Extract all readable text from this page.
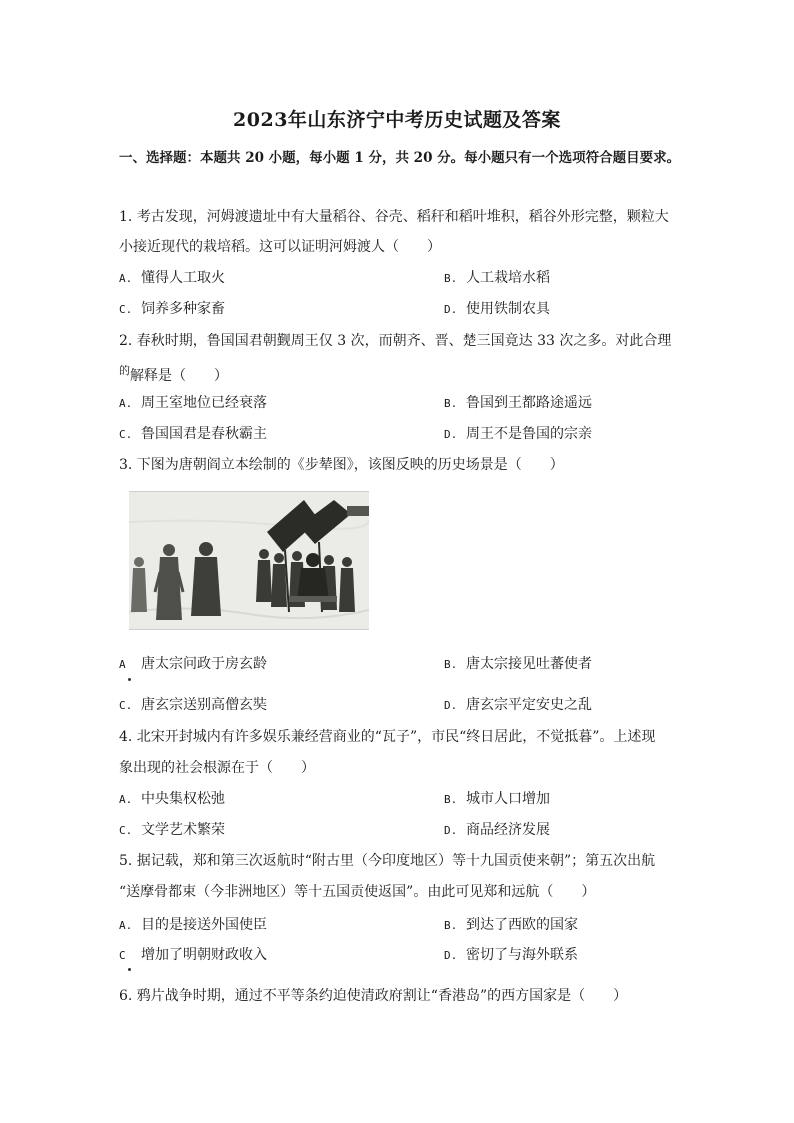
2023年山东济宁中考历史试题及答案
一、选择题：本题共 20 小题，每小题 1 分，共 20 分。每小题只有一个选项符合题目要求。
1. 考古发现，河姆渡遗址中有大量稻谷、谷壳、稻秆和稻叶堆积，稻谷外形完整，颗粒大
小接近现代的栽培稻。这可以证明河姆渡人（　　）
A. 懂得人工取火	B. 人工栽培水稻
C. 饲养多种家畜	D. 使用铁制农具
2. 春秋时期，鲁国国君朝觐周王仅 3 次，而朝齐、晋、楚三国竟达 33 次之多。对此合理
$^的$解释是（　　）
A. 周王室地位已经衰落	B. 鲁国到王都路途遥远
C. 鲁国国君是春秋霸主	D. 周王不是鲁国的宗亲
3. 下图为唐朝阎立本绘制的《步辇图》，该图反映的历史场景是（　　）
A 唐太宗问政于房玄龄	B. 唐太宗接见吐蕃使者
C. 唐玄宗送别高僧玄奘	D. 唐玄宗平定安史之乱
4. 北宋开封城内有许多娱乐兼经营商业的“瓦子”，市民“终日居此，不觉抵暮”。上述现
象出现的社会根源在于（　　）
A. 中央集权松弛	B. 城市人口增加
C. 文学艺术繁荣	D. 商品经济发展
5. 据记载，郑和第三次返航时“附古里（今印度地区）等十九国贡使来朝”；第五次出航
“送摩骨都束（今非洲地区）等十五国贡使返国”。由此可见郑和远航（　　）
A. 目的是接送外国使臣	B. 到达了西欧的国家
C 增加了明朝财政收入	D. 密切了与海外联系
6. 鸦片战争时期，通过不平等条约迫使清政府割让“香港岛”的西方国家是（　　）
